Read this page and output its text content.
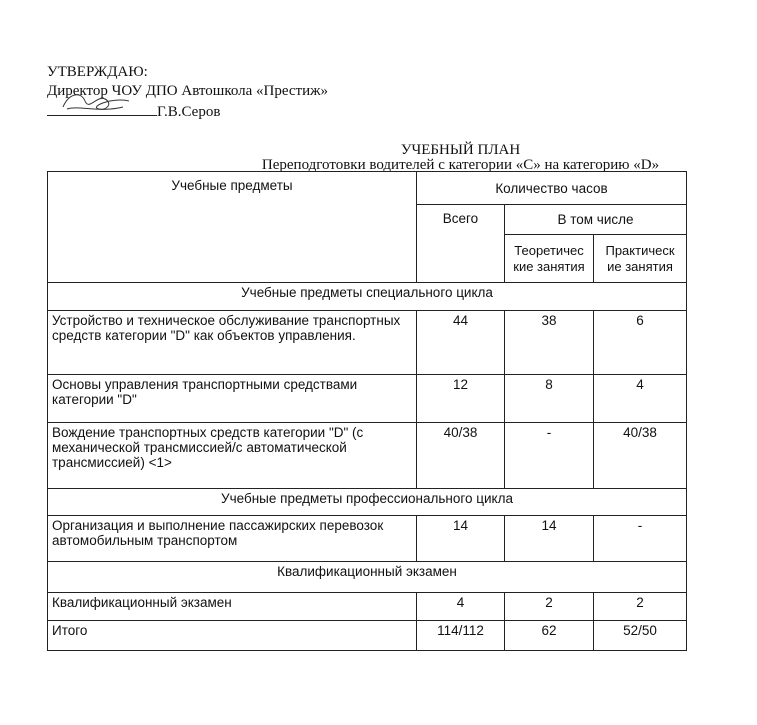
УТВЕРЖДАЮ:
Директор ЧОУ ДПО Автошкола «Престиж»
Г.В.Серов
УЧЕБНЫЙ ПЛАН
Переподготовки водителей с категории «С» на категорию «D»
Учебные предметы	Количество часов		
	Всего	В том числе	
		Теоретичес кие занятия	Практическ ие занятия
Учебные предметы специального цикла			
Устройство и техническое обслуживание транспортных средств категории "D" как объектов управления.	44	38	6
Основы управления транспортными средствами категории "D"	12	8	4
Вождение транспортных средств категории "D" (с механической трансмиссией/с автоматической трансмиссией) <1>	40/38	-	40/38
Учебные предметы профессионального цикла			
Организация и выполнение пассажирских перевозок автомобильным транспортом	14	14	-
Квалификационный экзамен			
Квалификационный экзамен	4	2	2
Итого	114/112	62	52/50
